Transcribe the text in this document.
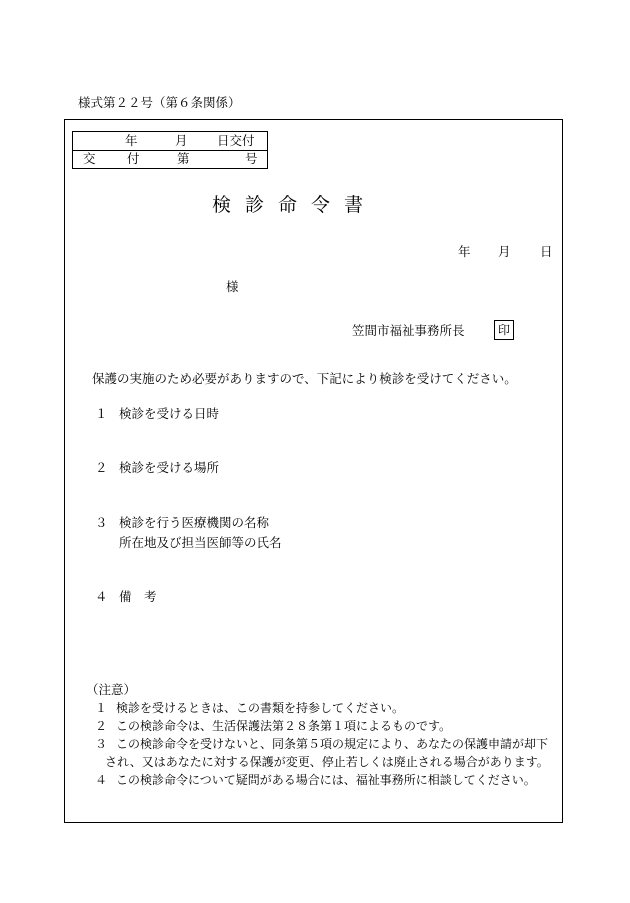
様式第２２号（第６条関係）
年	月 日交付
交	付	第	号
検診命令書
年 月 日
様
笠間市福祉事務所長	印
保護の実施のため必要がありますので、下記により検診を受けてください。
１ 検診を受ける日時
２ 検診を受ける場所
３ 検診を行う医療機関の名称
所在地及び担当医師等の氏名
４ 備　考
（注意）
１ 検診を受けるときは、この書類を持参してください。
２ この検診命令は、生活保護法第２８条第１項によるものです。
３ この検診命令を受けないと、同条第５項の規定により、あなたの保護申請が却下
され、又はあなたに対する保護が変更、停止若しくは廃止される場合があります。
４ この検診命令について疑問がある場合には、福祉事務所に相談してください。
